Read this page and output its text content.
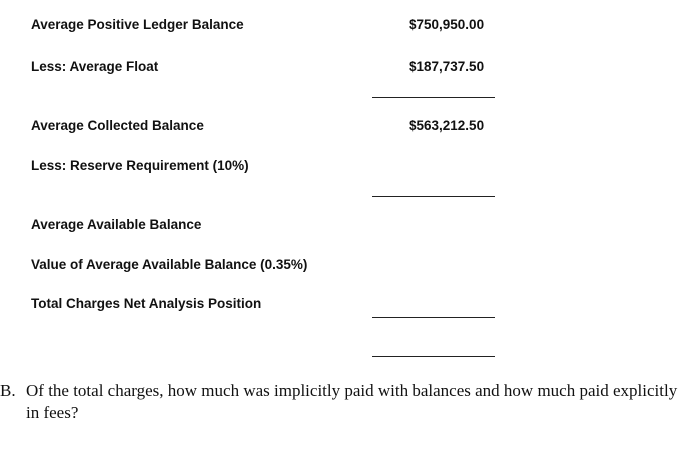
Average Positive Ledger Balance	$750,950.00
Less: Average Float	$187,737.50
Average Collected Balance	$563,212.50
Less: Reserve Requirement (10%)
Average Available Balance
Value of Average Available Balance (0.35%)
Total Charges Net Analysis Position
B. Of the total charges, how much was implicitly paid with balances and how much paid explicitly in fees?
